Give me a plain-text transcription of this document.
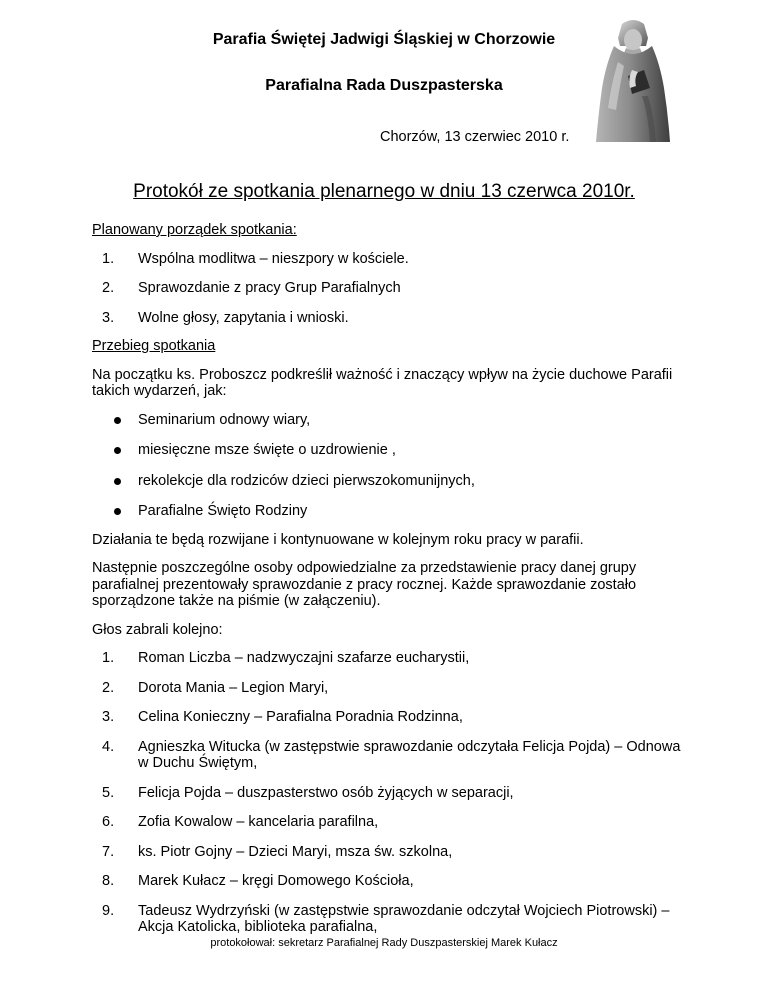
Parafia Świętej Jadwigi Śląskiej w Chorzowie
Parafialna Rada Duszpasterska
Chorzów, 13 czerwiec 2010 r.
Protokół ze spotkania plenarnego w dniu 13 czerwca 2010r.
Planowany porządek spotkania:
1. Wspólna modlitwa – nieszpory w kościele.
2. Sprawozdanie z pracy Grup Parafialnych
3. Wolne głosy, zapytania i wnioski.
Przebieg spotkania

Na początku ks. Proboszcz podkreślił ważność i znaczący wpływ na życie duchowe Parafii takich wydarzeń, jak:

Seminarium odnowy wiary,
miesięczne msze święte o uzdrowienie ,
rekolekcje dla rodziców dzieci pierwszokomunijnych,
Parafialne Święto Rodziny

Działania te będą rozwijane i kontynuowane w kolejnym roku pracy w parafii.

Następnie poszczególne osoby odpowiedzialne za przedstawienie pracy danej grupy parafialnej prezentowały sprawozdanie z pracy rocznej. Każde sprawozdanie zostało sporządzone także na piśmie (w załączeniu).

Głos zabrali kolejno:

1. Roman Liczba – nadzwyczajni szafarze eucharystii,
2. Dorota Mania – Legion Maryi,
3. Celina Konieczny – Parafialna Poradnia Rodzinna,
4. Agnieszka Witucka (w zastępstwie sprawozdanie odczytała Felicja Pojda) – Odnowa w Duchu Świętym,
5. Felicja Pojda – duszpasterstwo osób żyjących w separacji,
6. Zofia Kowalow – kancelaria parafilna,
7. ks. Piotr Gojny – Dzieci Maryi, msza św. szkolna,
8. Marek Kułacz – kręgi Domowego Kościoła,
9. Tadeusz Wydrzyński (w zastępstwie sprawozdanie odczytał Wojciech Piotrowski) – Akcja Katolicka, biblioteka parafialna,
protokołował: sekretarz Parafialnej Rady Duszpasterskiej Marek Kułacz
